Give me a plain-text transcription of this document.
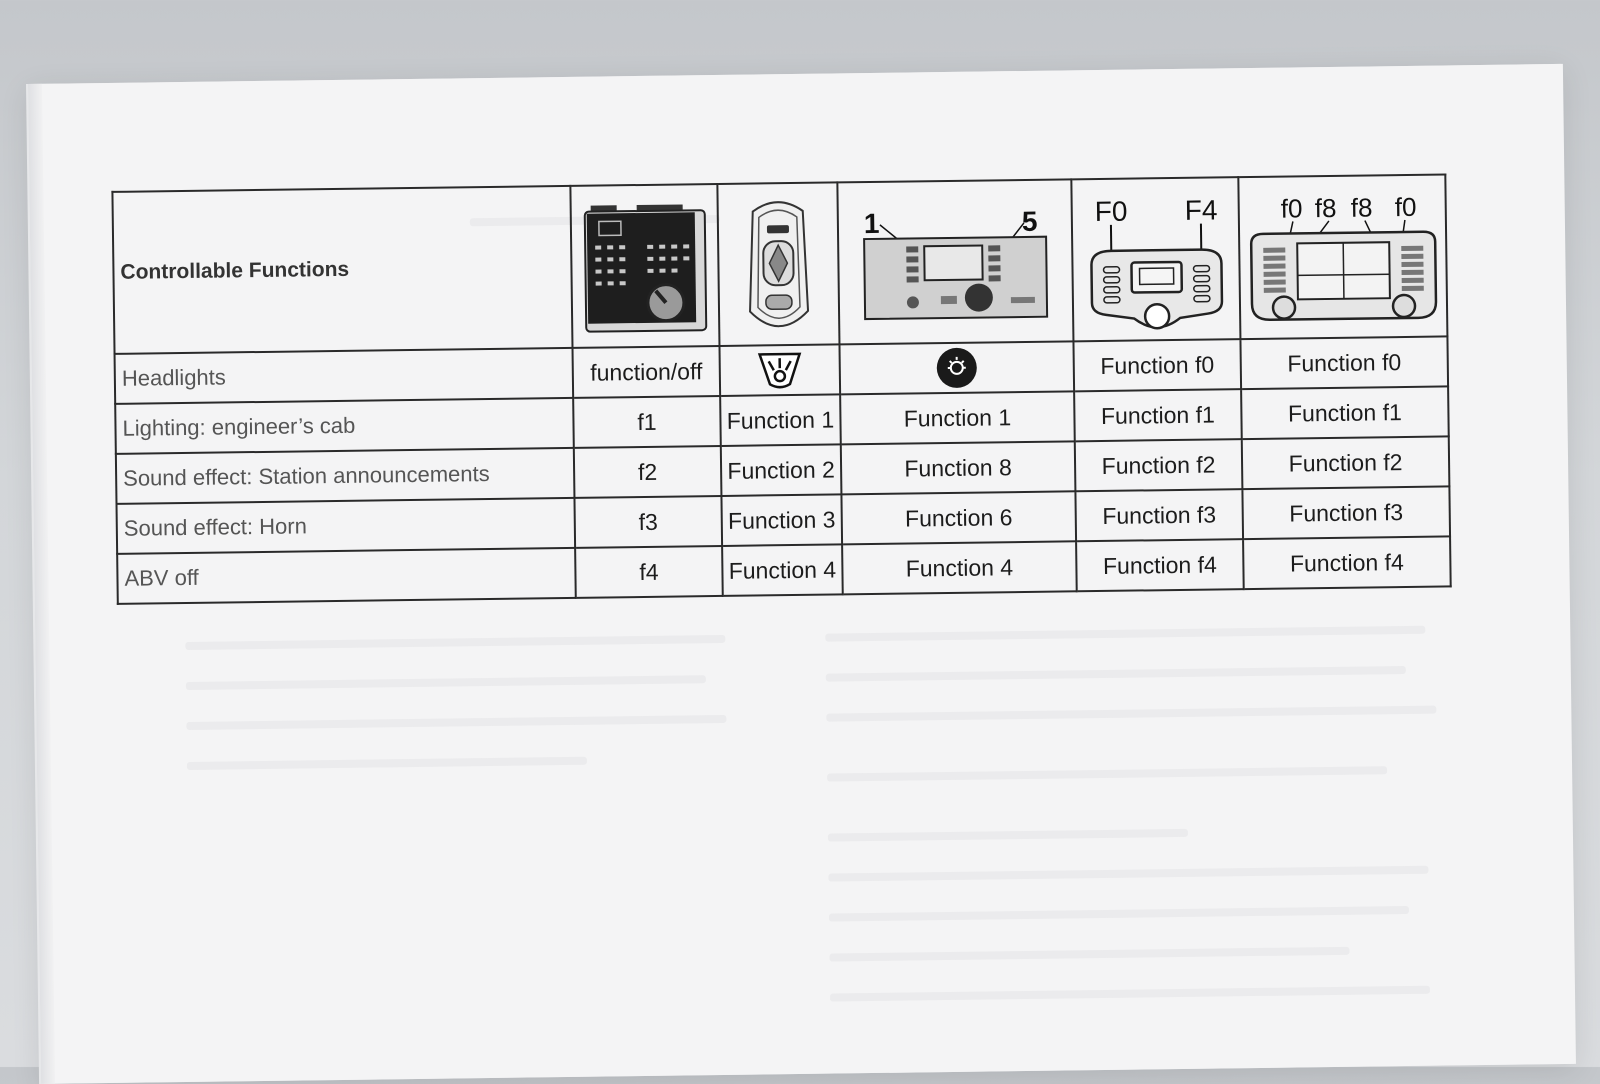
Controllable Functions			1 5	F0 F4	f0 f8 f8 f0

Headlights	function/off			Function f0	Function f0
Lighting: engineer’s cab	f1	Function 1	Function 1	Function f1	Function f1
Sound effect: Station announcements	f2	Function 2	Function 8	Function f2	Function f2
Sound effect: Horn	f3	Function 3	Function 6	Function f3	Function f3
ABV off	f4	Function 4	Function 4	Function f4	Function f4
